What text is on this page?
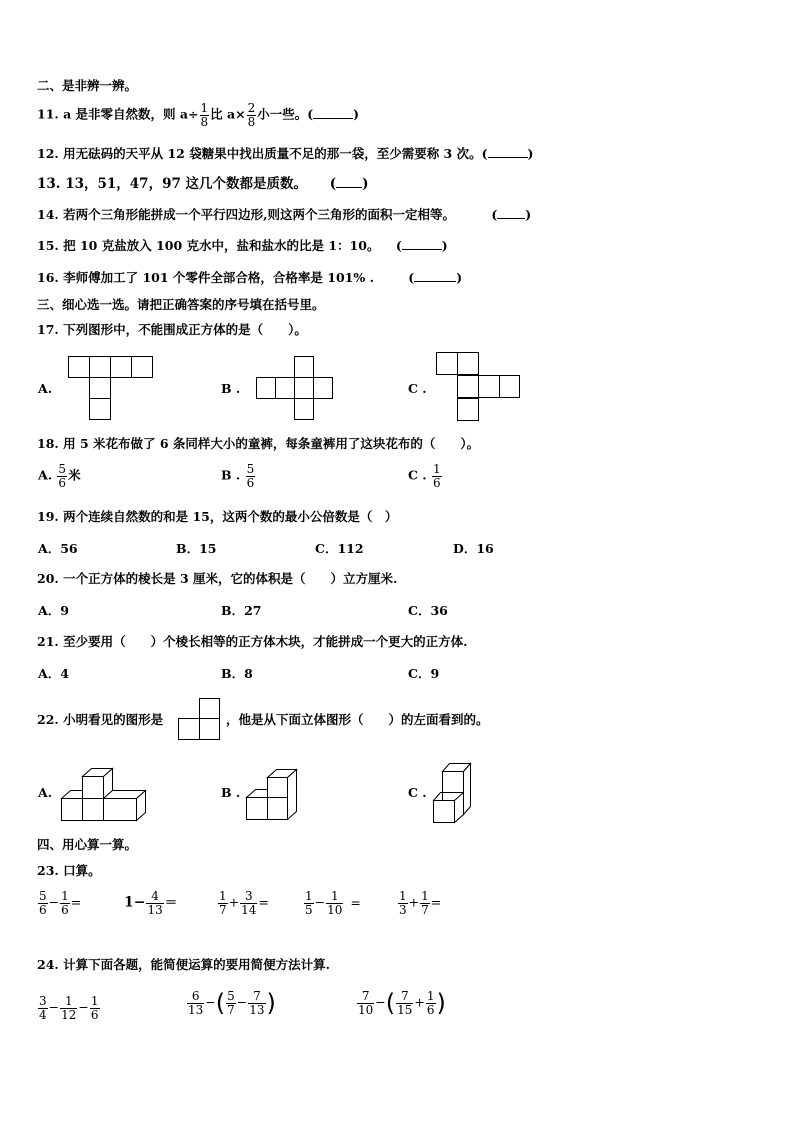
二、是非辨一辨。
11. a 是非零自然数，则 $a\div \frac{1}{8}$ 比 $a\times \frac{2}{8}$ 小一些。(	)
12. 用无砝码的天平从 12 袋糖果中找出质量不足的那一袋，至少需要称 3 次。(	)
13. 13，51，47，97 这几个数都是质数。 ( )
14. 若两个三角形能拼成一个平行四边形,则这两个三角形的面积一定相等。	( )
15. 把 10 克盐放入 100 克水中，盐和盐水的比是 1：10。 (	)
16. 李师傅加工了 101 个零件全部合格，合格率是 101% .	(	)
三、细心选一选。请把正确答案的序号填在括号里。
17. 下列图形中，不能围成正方体的是（　　）。
A.	B .	C .
18. 用 5 米花布做了 6 条同样大小的童裤，每条童裤用了这块花布的（　　）。
A. $\frac{5}{6}$ 米	B . $\frac{5}{6}$	C . $\frac{1}{6}$
19. 两个连续自然数的和是 15，这两个数的最小公倍数是（　）
A．56	B．15	C．112	D．16
20. 一个正方体的棱长是 3 厘米，它的体积是（　　）立方厘米.
A．9	B．27	C．36
21. 至少要用（　　）个棱长相等的正方体木块，才能拼成一个更大的正方体.
A．4	B．8	C．9
22. 小明看见的图形是	，他是从下面立体图形（　　）的左面看到的。
A.	B .	C .
四、用心算一算。
23. 口算。
$\frac{5}{6} - \frac{1}{6}$ =	$1- \frac{4}{13}$ ＝	$\frac{1}{7} + \frac{3}{14}$ =	$\frac{1}{5} - \frac{1}{10}$ =	$\frac{1}{3} + \frac{1}{7}$ =
24. 计算下面各题，能简便运算的要用简便方法计算.
$\frac{3}{4} - \frac{1}{12} - \frac{1}{6}$	$\frac{6}{13}$ −( $\frac{5}{7} - \frac{7}{13}$ )	$\frac{7}{10}$ −( $\frac{7}{15} + \frac{1}{6}$ )
